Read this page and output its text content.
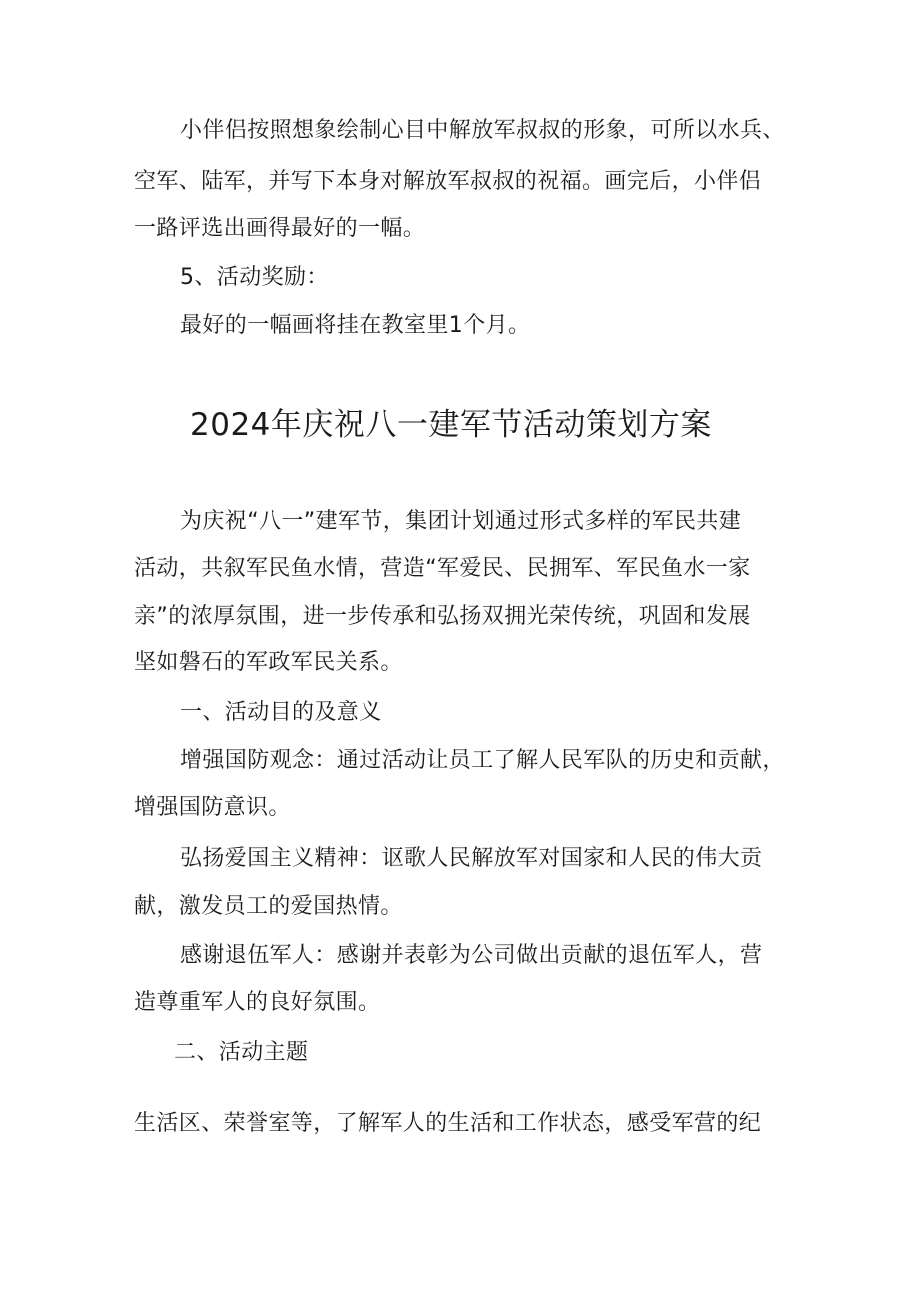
小伴侣按照想象绘制心目中解放军叔叔的形象，可所以水兵、
空军、陆军，并写下本身对解放军叔叔的祝福。画完后，小伴侣
一路评选出画得最好的一幅。
5、活动奖励：
最好的一幅画将挂在教室里1个月。
2024年庆祝八一建军节活动策划方案
为庆祝“八一”建军节，集团计划通过形式多样的军民共建
活动，共叙军民鱼水情，营造“军爱民、民拥军、军民鱼水一家
亲”的浓厚氛围，进一步传承和弘扬双拥光荣传统，巩固和发展
坚如磐石的军政军民关系。
一、活动目的及意义
增强国防观念：通过活动让员工了解人民军队的历史和贡献，
增强国防意识。
弘扬爱国主义精神：讴歌人民解放军对国家和人民的伟大贡
献，激发员工的爱国热情。
感谢退伍军人：感谢并表彰为公司做出贡献的退伍军人，营
造尊重军人的良好氛围。
二、活动主题
生活区、荣誉室等，了解军人的生活和工作状态，感受军营的纪
